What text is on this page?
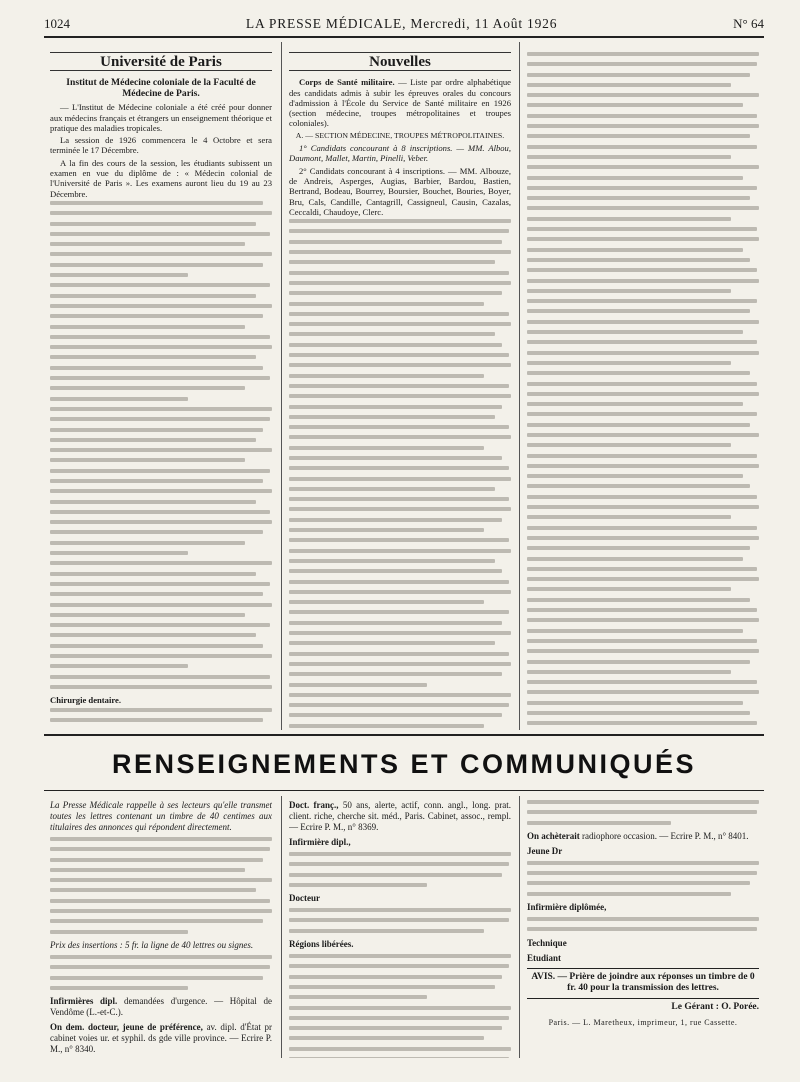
1024	LA PRESSE MÉDICALE, Mercredi, 11 Août 1926	N° 64
Université de Paris
Institut de Médecine coloniale de la Faculté de Médecine de Paris.

— L'Institut de Médecine coloniale a été créé pour donner aux médecins français et étrangers un enseignement théorique et pratique des maladies tropicales.

La session de 1926 commencera le 4 Octobre et sera terminée le 17 Décembre.

A la fin des cours de la session, les étudiants subissent un examen en vue du diplôme de : « Médecin colonial de l'Université de Paris ». Les examens auront lieu du 19 au 23 Décembre.

Chirurgie dentaire.

Nouvelles

Corps de Santé militaire. — Liste par ordre alphabétique des candidats admis à subir les épreuves orales du concours d'admission à l'École du Service de Santé militaire en 1926 (section médecine, troupes métropolitaines et troupes coloniales).

A. — SECTION MÉDECINE, TROUPES MÉTROPOLITAINES.

1° Candidats concourant à 8 inscriptions. — MM. Albou, Daumont, Mallet, Martin, Pinelli, Veber.

2° Candidats concourant à 4 inscriptions. — MM. Albouze, de Andreis, Asperges, Augias, Barbier, Bardou, Bastien, Bertrand, Bodeau, Bourrey, Boursier, Bouchet, Bouries, Boyer, Bru, Cals, Candille, Cantagrill, Cassigneul, Causin, Cazalas, Ceccaldi, Chaudoye, Clerc.

RENSEIGNEMENTS ET COMMUNIQUÉS

La Presse Médicale rappelle à ses lecteurs qu'elle transmet toutes les lettres contenant un timbre de 40 centimes aux titulaires des annonces qui répondent directement.

Prix des insertions : 5 fr. la ligne de 40 lettres ou signes.

Infirmières dipl. demandées d'urgence. — Hôpital de Vendôme (L.-et-C.).

On dem. docteur, jeune de préférence, av. dipl. d'État pr cabinet voies ur. et syphil. ds gde ville province. — Ecrire P. M., n° 8340.

Doct. franç., 50 ans, alerte, actif, conn. angl., long. prat. client. riche, cherche sit. méd., Paris. Cabinet, assoc., rempl. — Ecrire P. M., n° 8369.

Infirmière dipl.,

Docteur

Régions libérées.

On achèterait radiophore occasion. — Ecrire P. M., n° 8401.

Jeune Dr

Infirmière diplômée,

Technique

Etudiant

AVIS. — Prière de joindre aux réponses un timbre de 0 fr. 40 pour la transmission des lettres.

Le Gérant : O. Porée.

Paris. — L. Maretheux, imprimeur, 1, rue Cassette.
